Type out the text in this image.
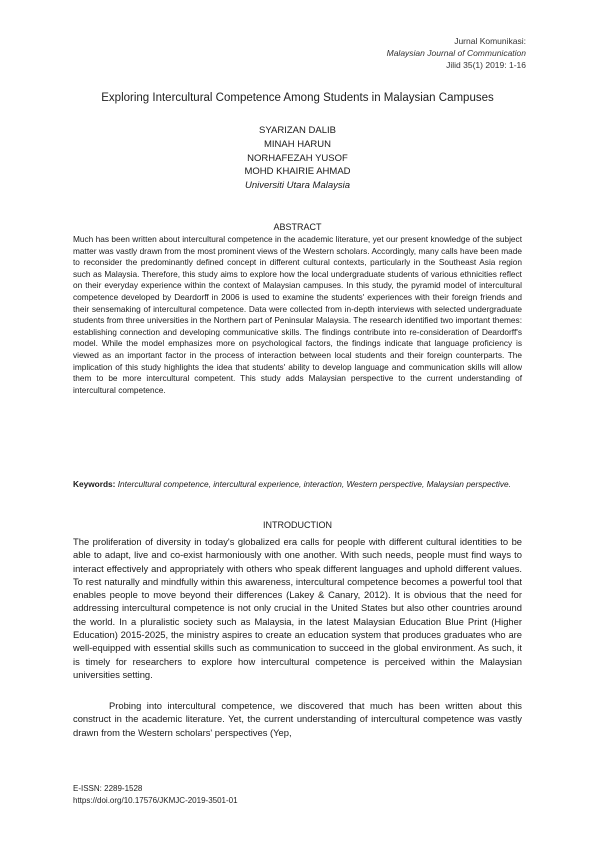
Jurnal Komunikasi:
Malaysian Journal of Communication
Jilid 35(1) 2019: 1-16
Exploring Intercultural Competence Among Students in Malaysian Campuses
SYARIZAN DALIB
MINAH HARUN
NORHAFEZAH YUSOF
MOHD KHAIRIE AHMAD
Universiti Utara Malaysia
ABSTRACT
Much has been written about intercultural competence in the academic literature, yet our present knowledge of the subject matter was vastly drawn from the most prominent views of the Western scholars. Accordingly, many calls have been made to reconsider the predominantly defined concept in different cultural contexts, particularly in the Southeast Asia region such as Malaysia. Therefore, this study aims to explore how the local undergraduate students of various ethnicities reflect on their everyday experience within the context of Malaysian campuses. In this study, the pyramid model of intercultural competence developed by Deardorff in 2006 is used to examine the students' experiences with their foreign friends and their sensemaking of intercultural competence. Data were collected from in-depth interviews with selected undergraduate students from three universities in the Northern part of Peninsular Malaysia. The research identified two important themes: establishing connection and developing communicative skills. The findings contribute into re-consideration of Deardorff's model. While the model emphasizes more on psychological factors, the findings indicate that language proficiency is viewed as an important factor in the process of interaction between local students and their foreign counterparts. The implication of this study highlights the idea that students' ability to develop language and communication skills will allow them to be more intercultural competent. This study adds Malaysian perspective to the current understanding of intercultural competence.
Keywords: Intercultural competence, intercultural experience, interaction, Western perspective, Malaysian perspective.
INTRODUCTION
The proliferation of diversity in today's globalized era calls for people with different cultural identities to be able to adapt, live and co-exist harmoniously with one another. With such needs, people must find ways to interact effectively and appropriately with others who speak different languages and uphold different values. To rest naturally and mindfully within this awareness, intercultural competence becomes a powerful tool that enables people to move beyond their differences (Lakey & Canary, 2012). It is obvious that the need for addressing intercultural competence is not only crucial in the United States but also other countries around the world. In a pluralistic society such as Malaysia, in the latest Malaysian Education Blue Print (Higher Education) 2015-2025, the ministry aspires to create an education system that produces graduates who are well-equipped with essential skills such as communication to succeed in the global environment. As such, it is timely for researchers to explore how intercultural competence is perceived within the Malaysian universities setting.
Probing into intercultural competence, we discovered that much has been written about this construct in the academic literature. Yet, the current understanding of intercultural competence was vastly drawn from the Western scholars' perspectives (Yep,
E-ISSN: 2289-1528
https://doi.org/10.17576/JKMJC-2019-3501-01
